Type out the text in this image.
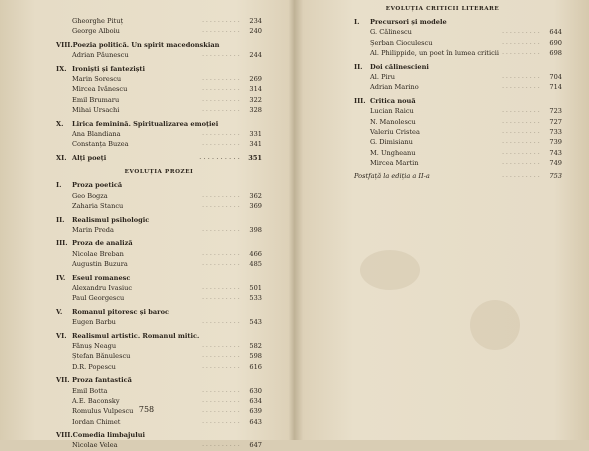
Gheorghe Pituț	. . . . . . . . . . 234
George Alboiu	. . . . . . . . . . 240
VIII.Poezia politică. Un spirit macedonskian
Adrian Păunescu	. . . . . . . . . . 244
IX. Ironiști și fanteziști
Marin Sorescu	. . . . . . . . . . 269
Mircea Ivănescu	. . . . . . . . . . 314
Emil Brumaru	. . . . . . . . . . 322
Mihai Ursachi	. . . . . . . . . . 328
X. Lirica feminină. Spiritualizarea emoției
Ana Blandiana	. . . . . . . . . . 331
Constanța Buzea	. . . . . . . . . . 341
XI. Alți poeți	. . . . . . . . . . 351
EVOLUȚIA PROZEI
I. Proza poetică
Geo Bogza	. . . . . . . . . . 362
Zaharia Stancu	. . . . . . . . . . 369
II. Realismul psihologic
Marin Preda	. . . . . . . . . . 398
III. Proza de analiză
Nicolae Breban	. . . . . . . . . . 466
Augustin Buzura	. . . . . . . . . . 485
IV. Eseul romanesc
Alexandru Ivasiuc	. . . . . . . . . . 501
Paul Georgescu	. . . . . . . . . . 533
V. Romanul pitoresc și baroc
Eugen Barbu	. . . . . . . . . . 543
VI. Realismul artistic. Romanul mitic.
Fănuș Neagu	. . . . . . . . . . 582
Ștefan Bănulescu	. . . . . . . . . . 598
D.R. Popescu	. . . . . . . . . . 616
VII. Proza fantastică
Emil Botta	. . . . . . . . . . 630
A.E. Baconsky	. . . . . . . . . . 634
Romulus Vulpescu	. . . . . . . . . . 639
Iordan Chimet	. . . . . . . . . . 643
VIII.Comedia limbajului
Nicolae Velea	. . . . . . . . . . 647
758
EVOLUȚIA CRITICII LITERARE
I. Precursori și modele
G. Călinescu	. . . . . . . . . . 644
Șerban Cioculescu	. . . . . . . . . . 690
Al. Philippide, un poet în lumea criticii . . . . . . . . . . 698
II. Doi călinescieni
Al. Piru	. . . . . . . . . . 704
Adrian Marino	. . . . . . . . . . 714
III. Critica nouă
Lucian Raicu	. . . . . . . . . . 723
N. Manolescu	. . . . . . . . . . 727
Valeriu Cristea	. . . . . . . . . . 733
G. Dimisianu	. . . . . . . . . . 739
M. Ungheanu	. . . . . . . . . . 743
Mircea Martin	. . . . . . . . . . 749
Postfață la ediția a II-a	. . . . . . . . . . 753
